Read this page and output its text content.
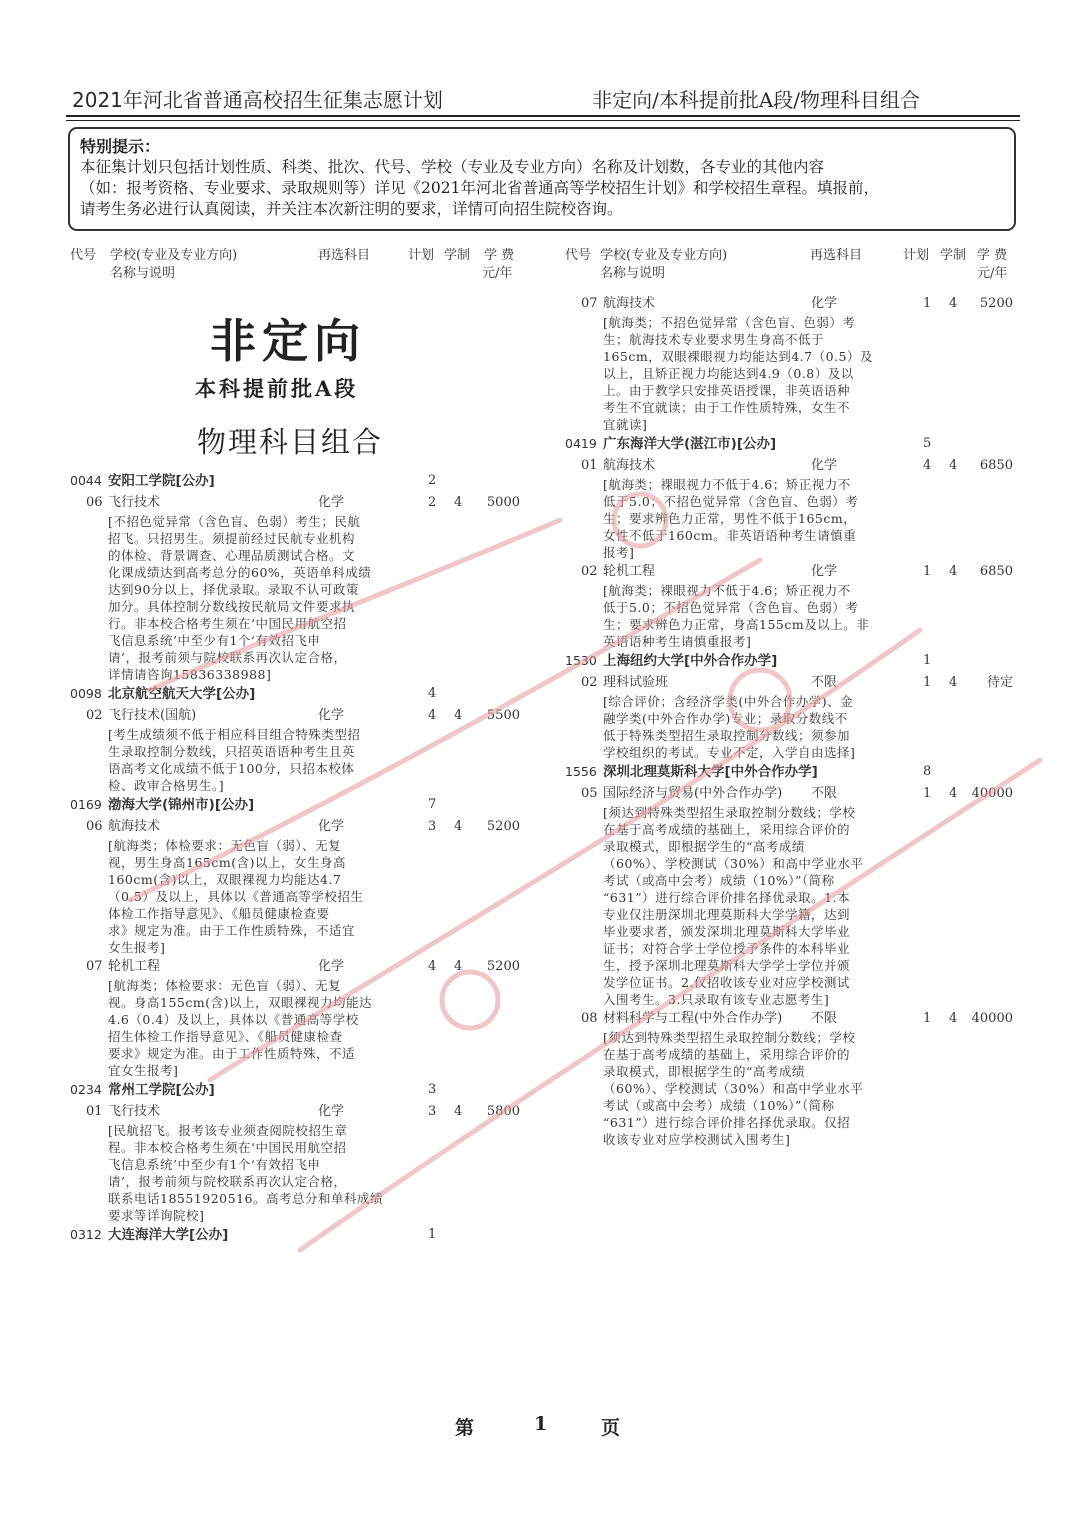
2021年河北省普通高校招生征集志愿计划	非定向/本科提前批A段/物理科目组合
特别提示：

本征集计划只包括计划性质、科类、批次、代号、学校（专业及专业方向）名称及计划数，各专业的其他内容

（如：报考资格、专业要求、录取规则等）详见《2021年河北省普通高等学校招生计划》和学校招生章程。填报前，

请考生务必进行认真阅读，并关注本次新注明的要求，详情可向招生院校咨询。

代号 学校(专业及专业方向)
名称与说明
再选科目	计划 学制 学 费
元/年
代号 学校(专业及专业方向)
名称与说明
再选科目	计划 学制 学 费
元/年
非定向
本科提前批A段
物理科目组合
0044 安阳工学院[公办]	2
06 飞行技术	化学	2 4	5000
[不招色觉异常（含色盲、色弱）考生；民航
招飞。只招男生。须提前经过民航专业机构
的体检、背景调查、心理品质测试合格。文
化课成绩达到高考总分的60%，英语单科成绩
达到90分以上，择优录取。录取不认可政策
加分。具体控制分数线按民航局文件要求执
行。非本校合格考生须在‘中国民用航空招
飞信息系统’中至少有1个‘有效招飞申
请’，报考前须与院校联系再次认定合格，
详情请咨询15836338988]
0098 北京航空航天大学[公办]	4
02 飞行技术(国航)	化学	4 4	5500
[考生成绩须不低于相应科目组合特殊类型招
生录取控制分数线，只招英语语种考生且英
语高考文化成绩不低于100分，只招本校体
检、政审合格男生。]
0169 渤海大学(锦州市)[公办]	7
06 航海技术	化学	3 4	5200
[航海类；体检要求：无色盲（弱）、无复
视，男生身高165cm(含)以上，女生身高
160cm(含)以上，双眼裸视力均能达4.7
（0.5）及以上，具体以《普通高等学校招生
体检工作指导意见》、《船员健康检查要
求》规定为准。由于工作性质特殊，不适宜
女生报考]
07 轮机工程	化学	4 4	5200
[航海类；体检要求：无色盲（弱）、无复
视。身高155cm(含)以上，双眼裸视力均能达
4.6（0.4）及以上，具体以《普通高等学校
招生体检工作指导意见》、《船员健康检查
要求》规定为准。由于工作性质特殊，不适
宜女生报考]
0234 常州工学院[公办]	3
01 飞行技术	化学	3 4	5800
[民航招飞。报考该专业须查阅院校招生章
程。非本校合格考生须在‘中国民用航空招
飞信息系统’中至少有1个‘有效招飞申
请’，报考前须与院校联系再次认定合格，
联系电话18551920516。高考总分和单科成绩
要求等详询院校]
0312 大连海洋大学[公办]	1
07 航海技术	化学	1 4	5200
[航海类；不招色觉异常（含色盲、色弱）考
生；航海技术专业要求男生身高不低于
165cm，双眼裸眼视力均能达到4.7（0.5）及
以上，且矫正视力均能达到4.9（0.8）及以
上。由于教学只安排英语授课，非英语语种
考生不宜就读；由于工作性质特殊，女生不
宜就读]
0419 广东海洋大学(湛江市)[公办]	5
01 航海技术	化学	4 4	6850
[航海类；裸眼视力不低于4.6；矫正视力不
低于5.0；不招色觉异常（含色盲、色弱）考
生；要求辨色力正常，男性不低于165cm，
女性不低于160cm。非英语语种考生请慎重
报考]
02 轮机工程	化学	1 4	6850
[航海类；裸眼视力不低于4.6；矫正视力不
低于5.0；不招色觉异常（含色盲、色弱）考
生；要求辨色力正常，身高155cm及以上。非
英语语种考生请慎重报考]
1530 上海纽约大学[中外合作办学]	1
02 理科试验班	不限	1 4	待定
[综合评价；含经济学类(中外合作办学)、金
融学类(中外合作办学)专业；录取分数线不
低于特殊类型招生录取控制分数线；须参加
学校组织的考试。专业不定，入学自由选择]
1556 深圳北理莫斯科大学[中外合作办学]	8
05 国际经济与贸易(中外合作办学) 不限	1 4	40000
[须达到特殊类型招生录取控制分数线；学校
在基于高考成绩的基础上，采用综合评价的
录取模式，即根据学生的“高考成绩
（60%）、学校测试（30%）和高中学业水平
考试（或高中会考）成绩（10%）”（简称
“631”）进行综合评价排名择优录取。1.本
专业仅注册深圳北理莫斯科大学学籍，达到
毕业要求者，颁发深圳北理莫斯科大学毕业
证书；对符合学士学位授予条件的本科毕业
生，授予深圳北理莫斯科大学学士学位并颁
发学位证书。2.仅招收该专业对应学校测试
入围考生。3.只录取有该专业志愿考生]
08 材料科学与工程(中外合作办学) 不限	1 4	40000
[须达到特殊类型招生录取控制分数线；学校
在基于高考成绩的基础上，采用综合评价的
录取模式，即根据学生的“高考成绩
（60%）、学校测试（30%）和高中学业水平
考试（或高中会考）成绩（10%）”（简称
“631”）进行综合评价排名择优录取。仅招
收该专业对应学校测试入围考生]
第	1	页
